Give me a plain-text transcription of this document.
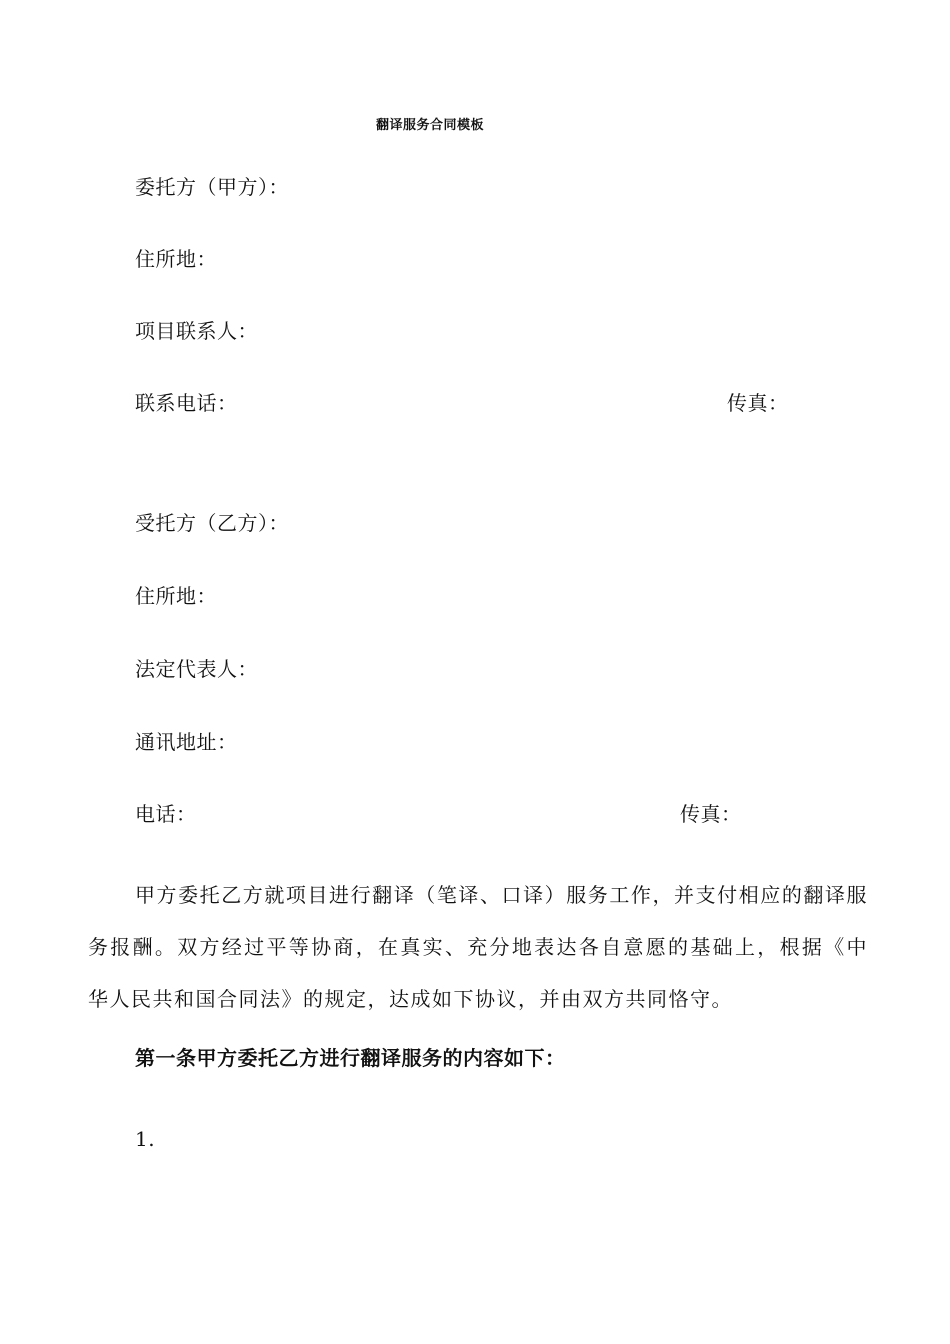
翻译服务合同模板
委托方（甲方）：
住所地：
项目联系人：
联系电话：	传真：
受托方（乙方）：
住所地：
法定代表人：
通讯地址：
电话：	传真：
甲方委托乙方就项目进行翻译（笔译、口译）服务工作，并支付相应的翻译服务报酬。双方经过平等协商，在真实、充分地表达各自意愿的基础上，根据《中 华人民共和国合同法》的规定，达成如下协议，并由双方共同恪守。
第一条甲方委托乙方进行翻译服务的内容如下：
1.
